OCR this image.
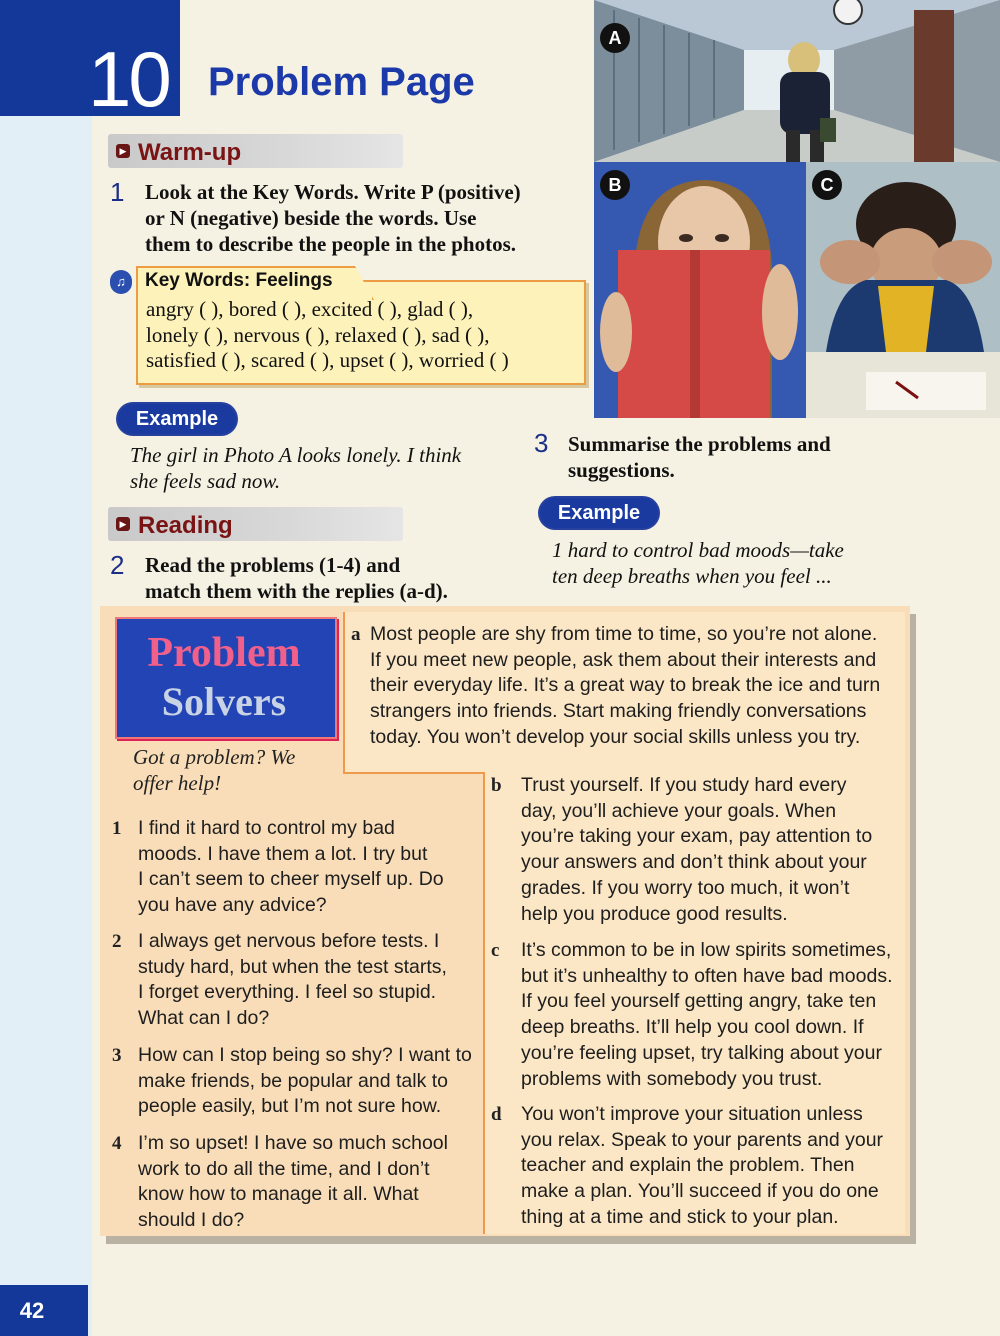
10 Problem Page
▶ Warm-up
1 Look at the Key Words. Write P (positive)
or N (negative) beside the words. Use
them to describe the people in the photos.
♫	Key Words: Feelings
angry ( ), bored ( ), excited ( ), glad ( ),
lonely ( ), nervous ( ), relaxed ( ), sad ( ),
satisfied ( ), scared ( ), upset ( ), worried ( )
Example
The girl in Photo A looks lonely. I think
she feels sad now.
▶ Reading
2 Read the problems (1-4) and
match them with the replies (a-d).
3 Summarise the problems and
suggestions.
Example
1 hard to control bad moods—take
ten deep breaths when you feel ...
A
B	C
Problem
Solvers
Got a problem? We
offer help!
1 I find it hard to control my bad
moods. I have them a lot. I try but
I can’t seem to cheer myself up. Do
you have any advice?
2 I always get nervous before tests. I
study hard, but when the test starts,
I forget everything. I feel so stupid.
What can I do?
3 How can I stop being so shy? I want to
make friends, be popular and talk to
people easily, but I’m not sure how.
4 I’m so upset! I have so much school
work to do all the time, and I don’t
know how to manage it all. What
should I do?
a Most people are shy from time to time, so you’re not alone.
If you meet new people, ask them about their interests and
their everyday life. It’s a great way to break the ice and turn
strangers into friends. Start making friendly conversations
today. You won’t develop your social skills unless you try.
b Trust yourself. If you study hard every
day, you’ll achieve your goals. When
you’re taking your exam, pay attention to
your answers and don’t think about your
grades. If you worry too much, it won’t
help you produce good results.
c It’s common to be in low spirits sometimes,
but it’s unhealthy to often have bad moods.
If you feel yourself getting angry, take ten
deep breaths. It’ll help you cool down. If
you’re feeling upset, try talking about your
problems with somebody you trust.
d You won’t improve your situation unless
you relax. Speak to your parents and your
teacher and explain the problem. Then
make a plan. You’ll succeed if you do one
thing at a time and stick to your plan.
42
